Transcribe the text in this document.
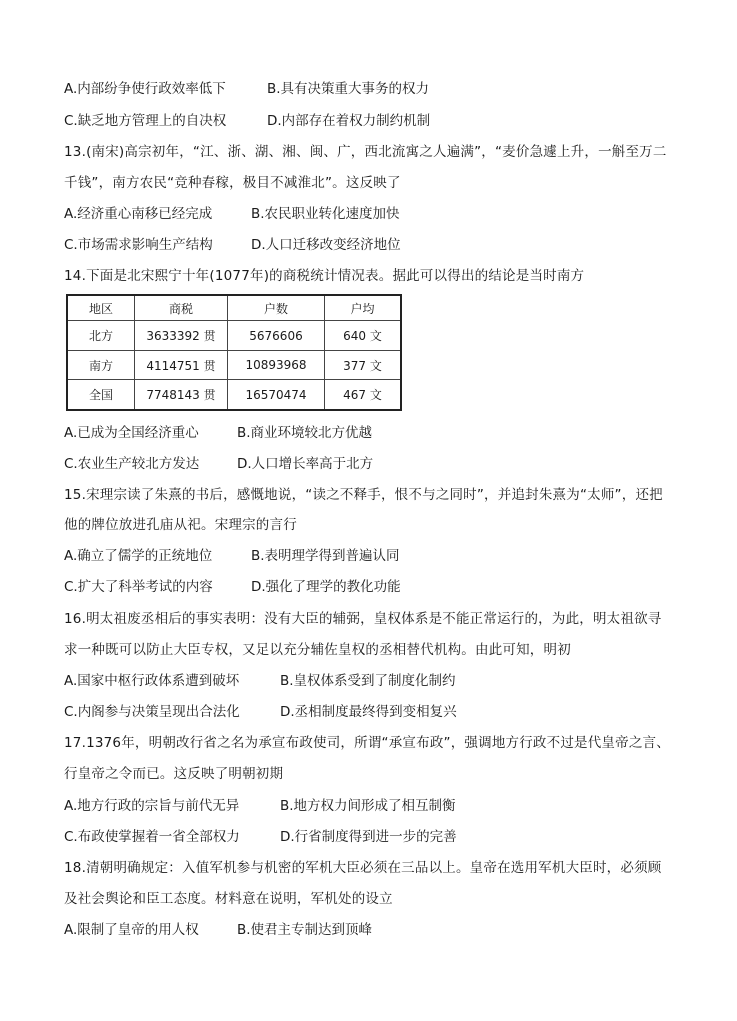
A.内部纷争使行政效率低下	B.具有决策重大事务的权力
C.缺乏地方管理上的自决权	D.内部存在着权力制约机制
13.(南宋)高宗初年，“江、浙、湖、湘、闽、广，西北流寓之人遍满”，“麦价急遽上升，一斛至万二
千钱”，南方农民“竞种春稼，极目不减淮北”。这反映了
A.经济重心南移已经完成	B.农民职业转化速度加快
C.市场需求影响生产结构	D.人口迁移改变经济地位
14.下面是北宋熙宁十年(1077年)的商税统计情况表。据此可以得出的结论是当时南方
地区	商税	户数	户均
北方	3633392 贯	5676606	640 文
南方	4114751 贯	10893968	377 文
全国	7748143 贯	16570474	467 文
A.已成为全国经济重心	B.商业环境较北方优越
C.农业生产较北方发达	D.人口增长率高于北方
15.宋理宗读了朱熹的书后，感慨地说，“读之不释手，恨不与之同时”，并追封朱熹为“太师”，还把
他的牌位放进孔庙从祀。宋理宗的言行
A.确立了儒学的正统地位	B.表明理学得到普遍认同
C.扩大了科举考试的内容	D.强化了理学的教化功能
16.明太祖废丞相后的事实表明：没有大臣的辅弼，皇权体系是不能正常运行的，为此，明太祖欲寻
求一种既可以防止大臣专权，又足以充分辅佐皇权的丞相替代机构。由此可知，明初
A.国家中枢行政体系遭到破坏	B.皇权体系受到了制度化制约
C.内阁参与决策呈现出合法化	D.丞相制度最终得到变相复兴
17.1376年，明朝改行省之名为承宣布政使司，所谓“承宣布政”，强调地方行政不过是代皇帝之言、
行皇帝之令而已。这反映了明朝初期
A.地方行政的宗旨与前代无异	B.地方权力间形成了相互制衡
C.布政使掌握着一省全部权力	D.行省制度得到进一步的完善
18.清朝明确规定：入值军机参与机密的军机大臣必须在三品以上。皇帝在选用军机大臣时，必须顾
及社会舆论和臣工态度。材料意在说明，军机处的设立
A.限制了皇帝的用人权	B.使君主专制达到顶峰
